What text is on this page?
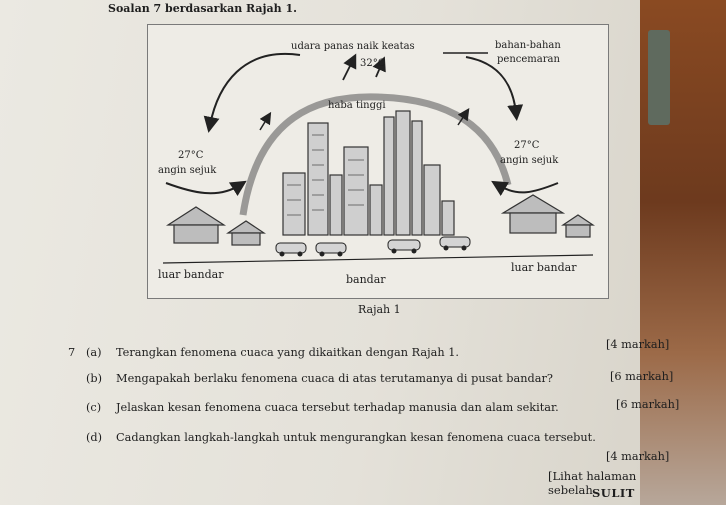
Soalan 7 berdasarkan Rajah 1.
udara panas naik keatas
32°C
bahan-bahan
pencemaran
haba tinggi
27°C
angin sejuk
27°C
angin sejuk
luar bandar	bandar
luar bandar
Rajah 1
7 (a) Terangkan fenomena cuaca yang dikaitkan dengan Rajah 1.
[4 markah]
(b) Mengapakah berlaku fenomena cuaca di atas terutamanya di pusat bandar?	[6 markah]
(c) Jelaskan kesan fenomena cuaca tersebut terhadap manusia dan alam sekitar.	[6 markah]
(d) Cadangkan langkah-langkah untuk mengurangkan kesan fenomena cuaca tersebut.
[4 markah]
[Lihat halaman sebelah SULIT
